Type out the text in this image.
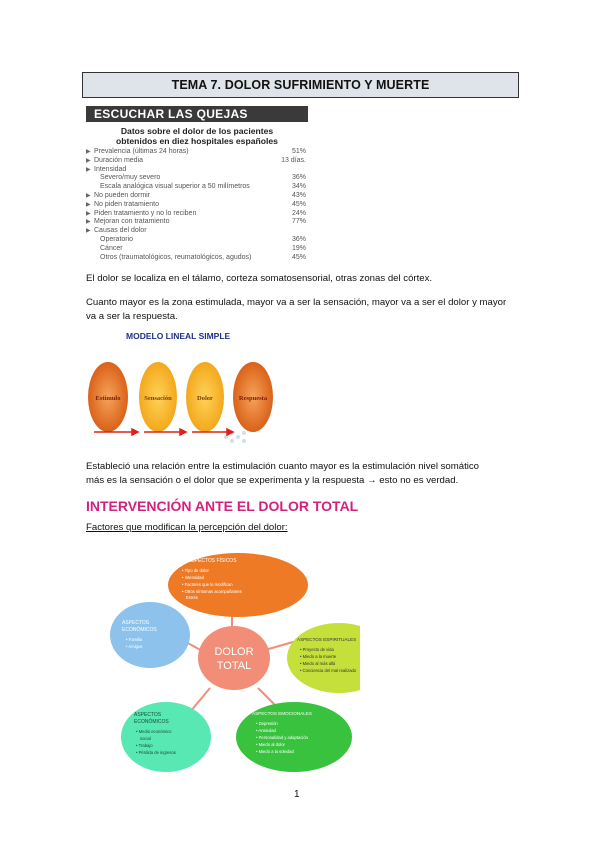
TEMA 7. DOLOR SUFRIMIENTO Y MUERTE
ESCUCHAR LAS QUEJAS
Datos sobre el dolor de los pacientes
obtenidos en diez hospitales españoles
▶ Prevalencia (últimas 24 horas)	51%
▶ Duración media	13 días.
▶ Intensidad
Severo/muy severo	36%
Escala analógica visual superior a 50 milímetros	34%
▶ No pueden dormir	43%
▶ No piden tratamiento	45%
▶ Piden tratamiento y no lo reciben	24%
▶ Mejoran con tratamiento	77%
▶ Causas del dolor
Operatorio	36%
Cáncer	19%
Otros (traumatológicos, reumatológicos, agudos)	45%
El dolor se localiza en el tálamo, corteza somatosensorial, otras zonas del córtex.
Cuanto mayor es la zona estimulada, mayor va a ser la sensación, mayor va a ser el dolor y mayor
va a ser la respuesta.
Estímulo	Sensación	Dolor	Respuesta
MODELO LINEAL SIMPLE
Estableció una relación entre la estimulación cuanto mayor es la estimulación nivel somático
más es la sensación o el dolor que se experimenta y la respuesta → esto no es verdad.
INTERVENCIÓN ANTE EL DOLOR TOTAL
Factores que modifican la percepción del dolor:
DOLOR
TOTAL
ASPECTOS FÍSICOS
• Tipo de dolor
• Intensidad
• Factores que lo modifican
• Otros síntomas acompañantes
Estrés
ASPECTOS
ECONÓMICOS
• Familia
• Amigos
ASPECTOS ESPIRITUALES
• Proyecto de vida
• Miedo a la muerte
• Miedo al más allá
• Conciencia del mal realizado
ASPECTOS
ECONÓMICOS
• Medio económico
social
• Trabajo
• Pérdida de ingresos
ASPECTOS EMOCIONALES
• Depresión
• Ansiedad
• Personalidad y adaptación
• Miedo al dolor
• Miedo a la soledad
1
